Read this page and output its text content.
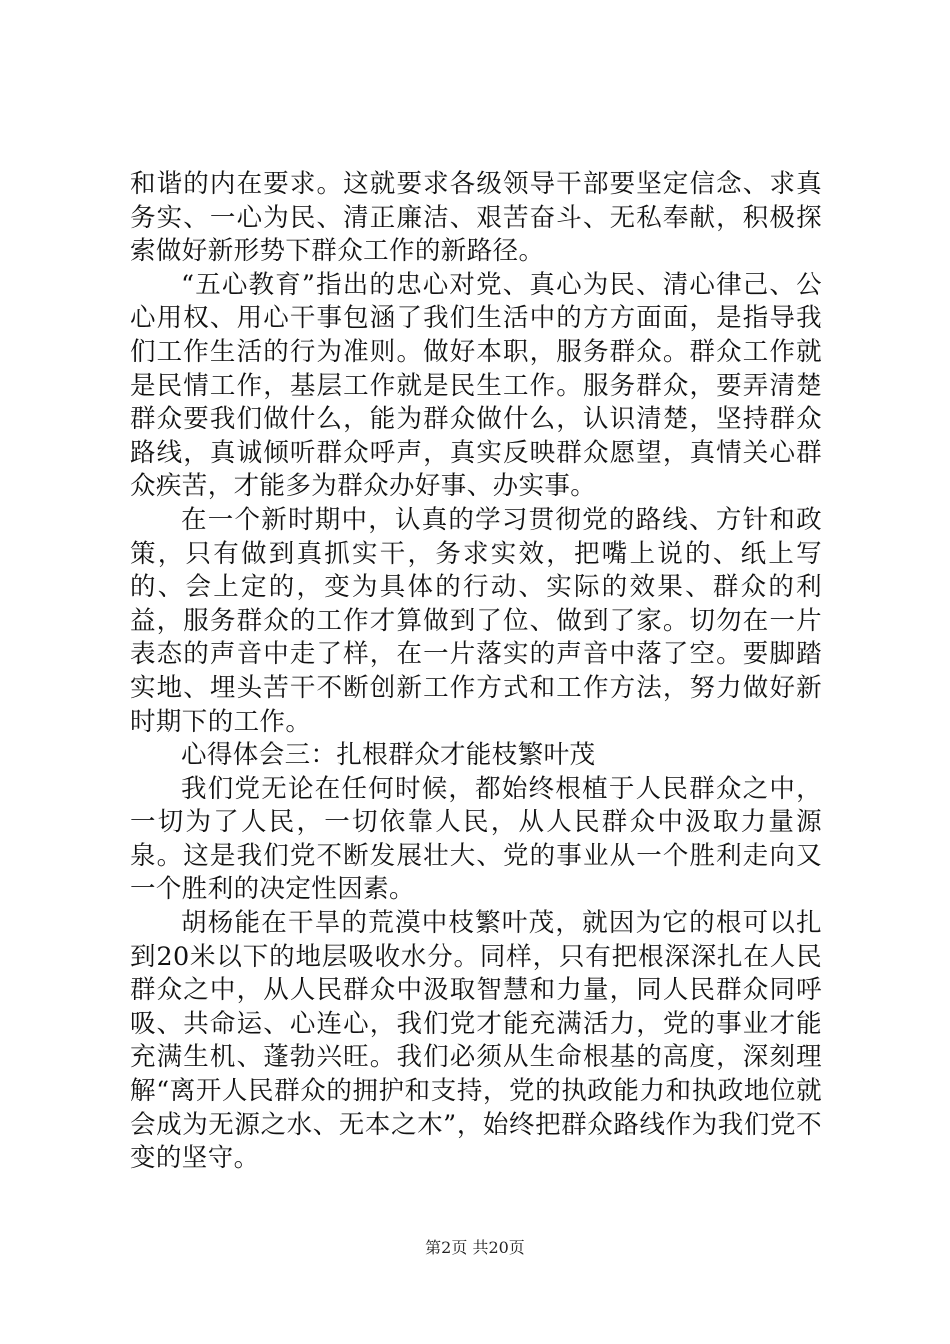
和谐的内在要求。这就要求各级领导干部要坚定信念、求真务实、一心为民、清正廉洁、艰苦奋斗、无私奉献，积极探索做好新形势下群众工作的新路径。

“五心教育”指出的忠心对党、真心为民、清心律己、公心用权、用心干事包涵了我们生活中的方方面面，是指导我们工作生活的行为准则。做好本职，服务群众。群众工作就是民情工作，基层工作就是民生工作。服务群众，要弄清楚群众要我们做什么，能为群众做什么，认识清楚，坚持群众路线，真诚倾听群众呼声，真实反映群众愿望，真情关心群众疾苦，才能多为群众办好事、办实事。

在一个新时期中，认真的学习贯彻党的路线、方针和政策，只有做到真抓实干，务求实效，把嘴上说的、纸上写的、会上定的，变为具体的行动、实际的效果、群众的利益，服务群众的工作才算做到了位、做到了家。切勿在一片表态的声音中走了样，在一片落实的声音中落了空。要脚踏实地、埋头苦干不断创新工作方式和工作方法，努力做好新时期下的工作。

心得体会三：扎根群众才能枝繁叶茂

我们党无论在任何时候，都始终根植于人民群众之中，一切为了人民，一切依靠人民，从人民群众中汲取力量源泉。这是我们党不断发展壮大、党的事业从一个胜利走向又一个胜利的决定性因素。

胡杨能在干旱的荒漠中枝繁叶茂，就因为它的根可以扎到20米以下的地层吸收水分。同样，只有把根深深扎在人民群众之中，从人民群众中汲取智慧和力量，同人民群众同呼吸、共命运、心连心，我们党才能充满活力，党的事业才能充满生机、蓬勃兴旺。我们必须从生命根基的高度，深刻理解“离开人民群众的拥护和支持，党的执政能力和执政地位就会成为无源之水、无本之木”，始终把群众路线作为我们党不变的坚守。

第2页 共20页
